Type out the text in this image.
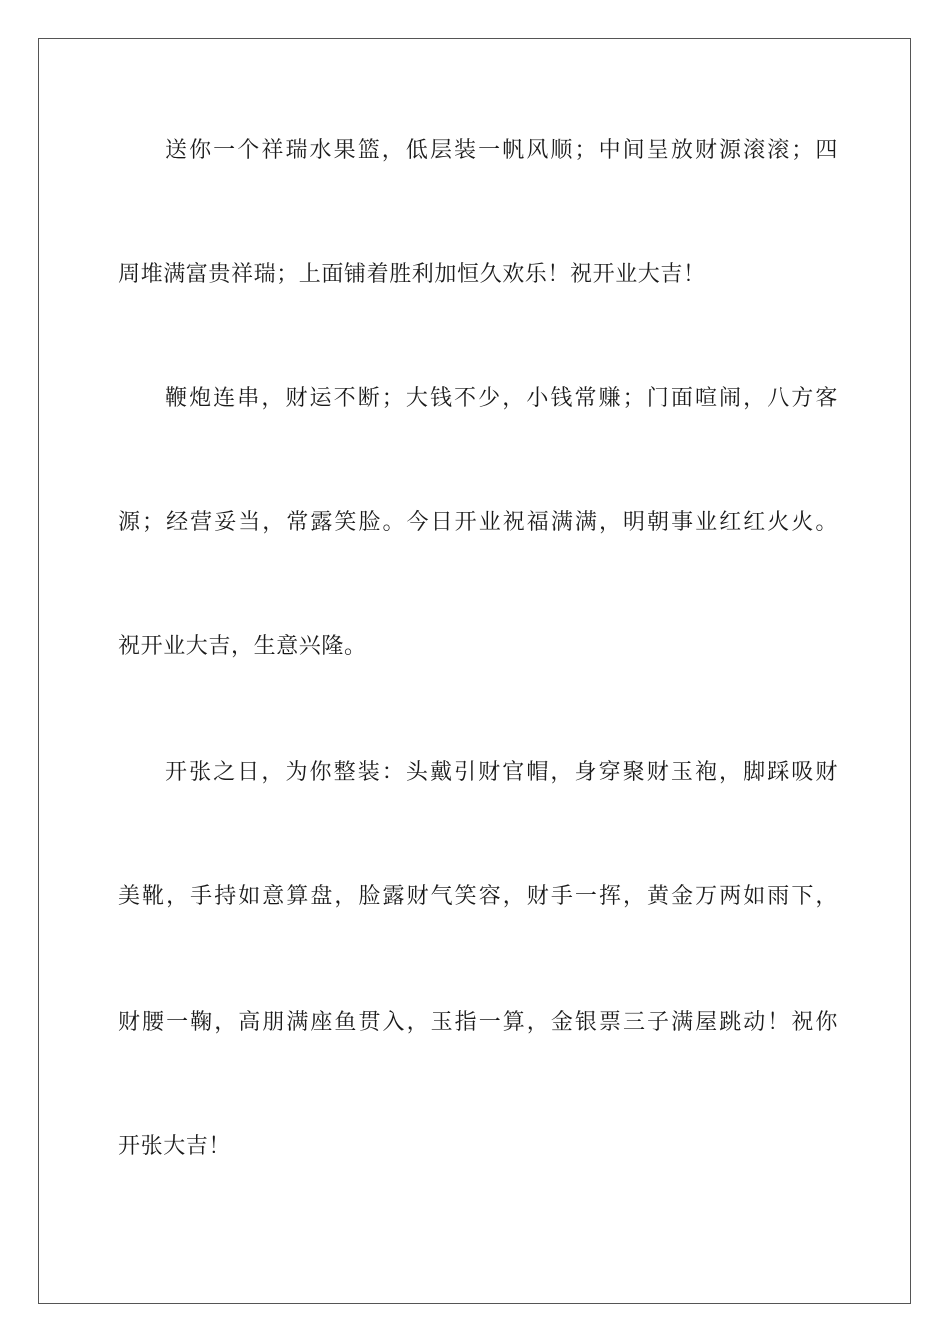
送你一个祥瑞水果篮，低层装一帆风顺；中间呈放财源滚滚；四
周堆满富贵祥瑞；上面铺着胜利加恒久欢乐！祝开业大吉！
鞭炮连串，财运不断；大钱不少，小钱常赚；门面喧闹，八方客
源；经营妥当，常露笑脸。今日开业祝福满满，明朝事业红红火火。
祝开业大吉，生意兴隆。
开张之日，为你整装：头戴引财官帽，身穿聚财玉袍，脚踩吸财
美靴，手持如意算盘，脸露财气笑容，财手一挥，黄金万两如雨下，
财腰一鞠，高朋满座鱼贯入，玉指一算，金银票三子满屋跳动！祝你
开张大吉！
